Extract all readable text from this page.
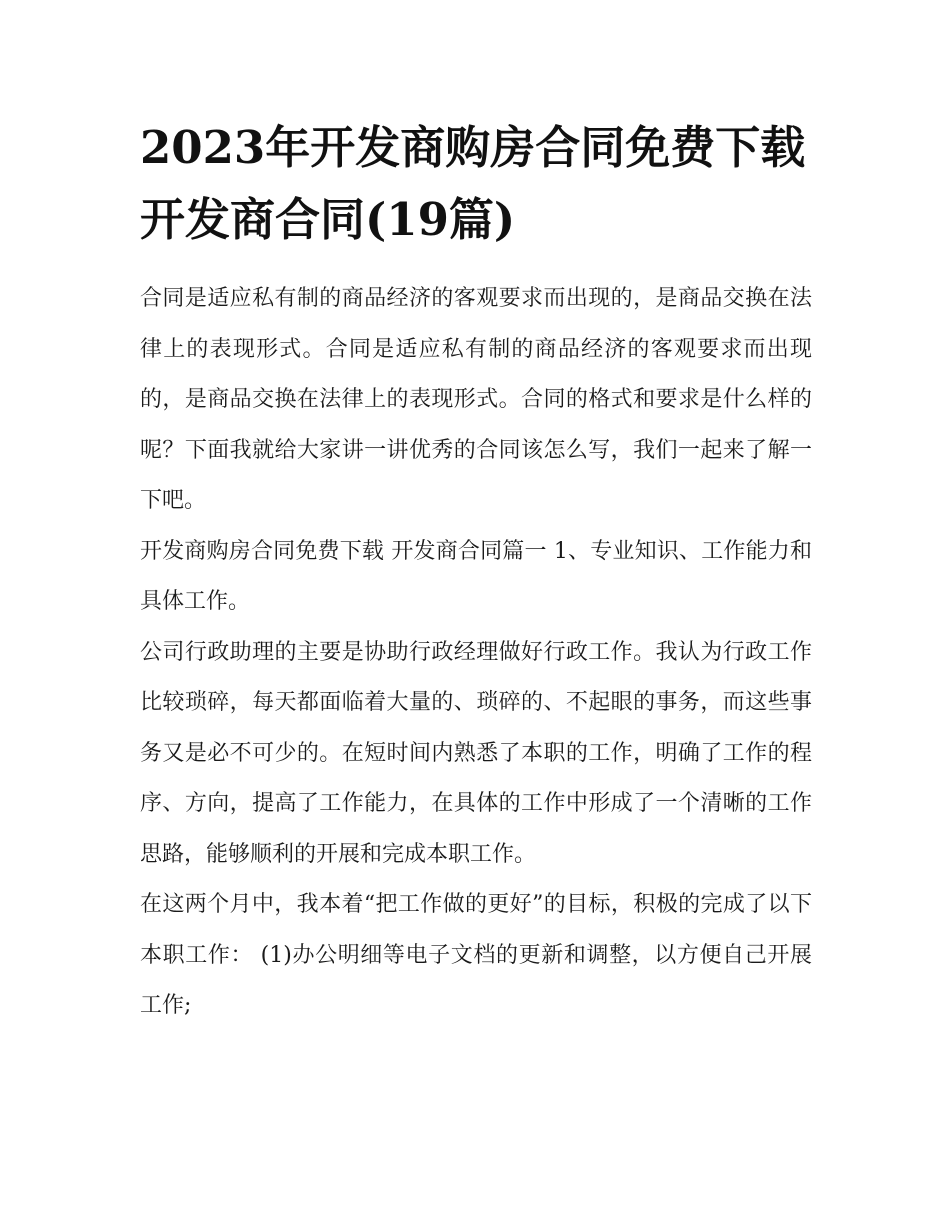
2023年开发商购房合同免费下载 开发商合同(19篇)

合同是适应私有制的商品经济的客观要求而出现的，是商品交换在法律上的表现形式。合同是适应私有制的商品经济的客观要求而出现的，是商品交换在法律上的表现形式。合同的格式和要求是什么样的呢？下面我就给大家讲一讲优秀的合同该怎么写，我们一起来了解一下吧。

开发商购房合同免费下载 开发商合同篇一 1、专业知识、工作能力和具体工作。

公司行政助理的主要是协助行政经理做好行政工作。我认为行政工作比较琐碎，每天都面临着大量的、琐碎的、不起眼的事务，而这些事务又是必不可少的。在短时间内熟悉了本职的工作，明确了工作的程序、方向，提高了工作能力，在具体的工作中形成了一个清晰的工作思路，能够顺利的开展和完成本职工作。

在这两个月中，我本着“把工作做的更好”的目标，积极的完成了以下本职工作： (1)办公明细等电子文档的更新和调整，以方便自己开展工作;
